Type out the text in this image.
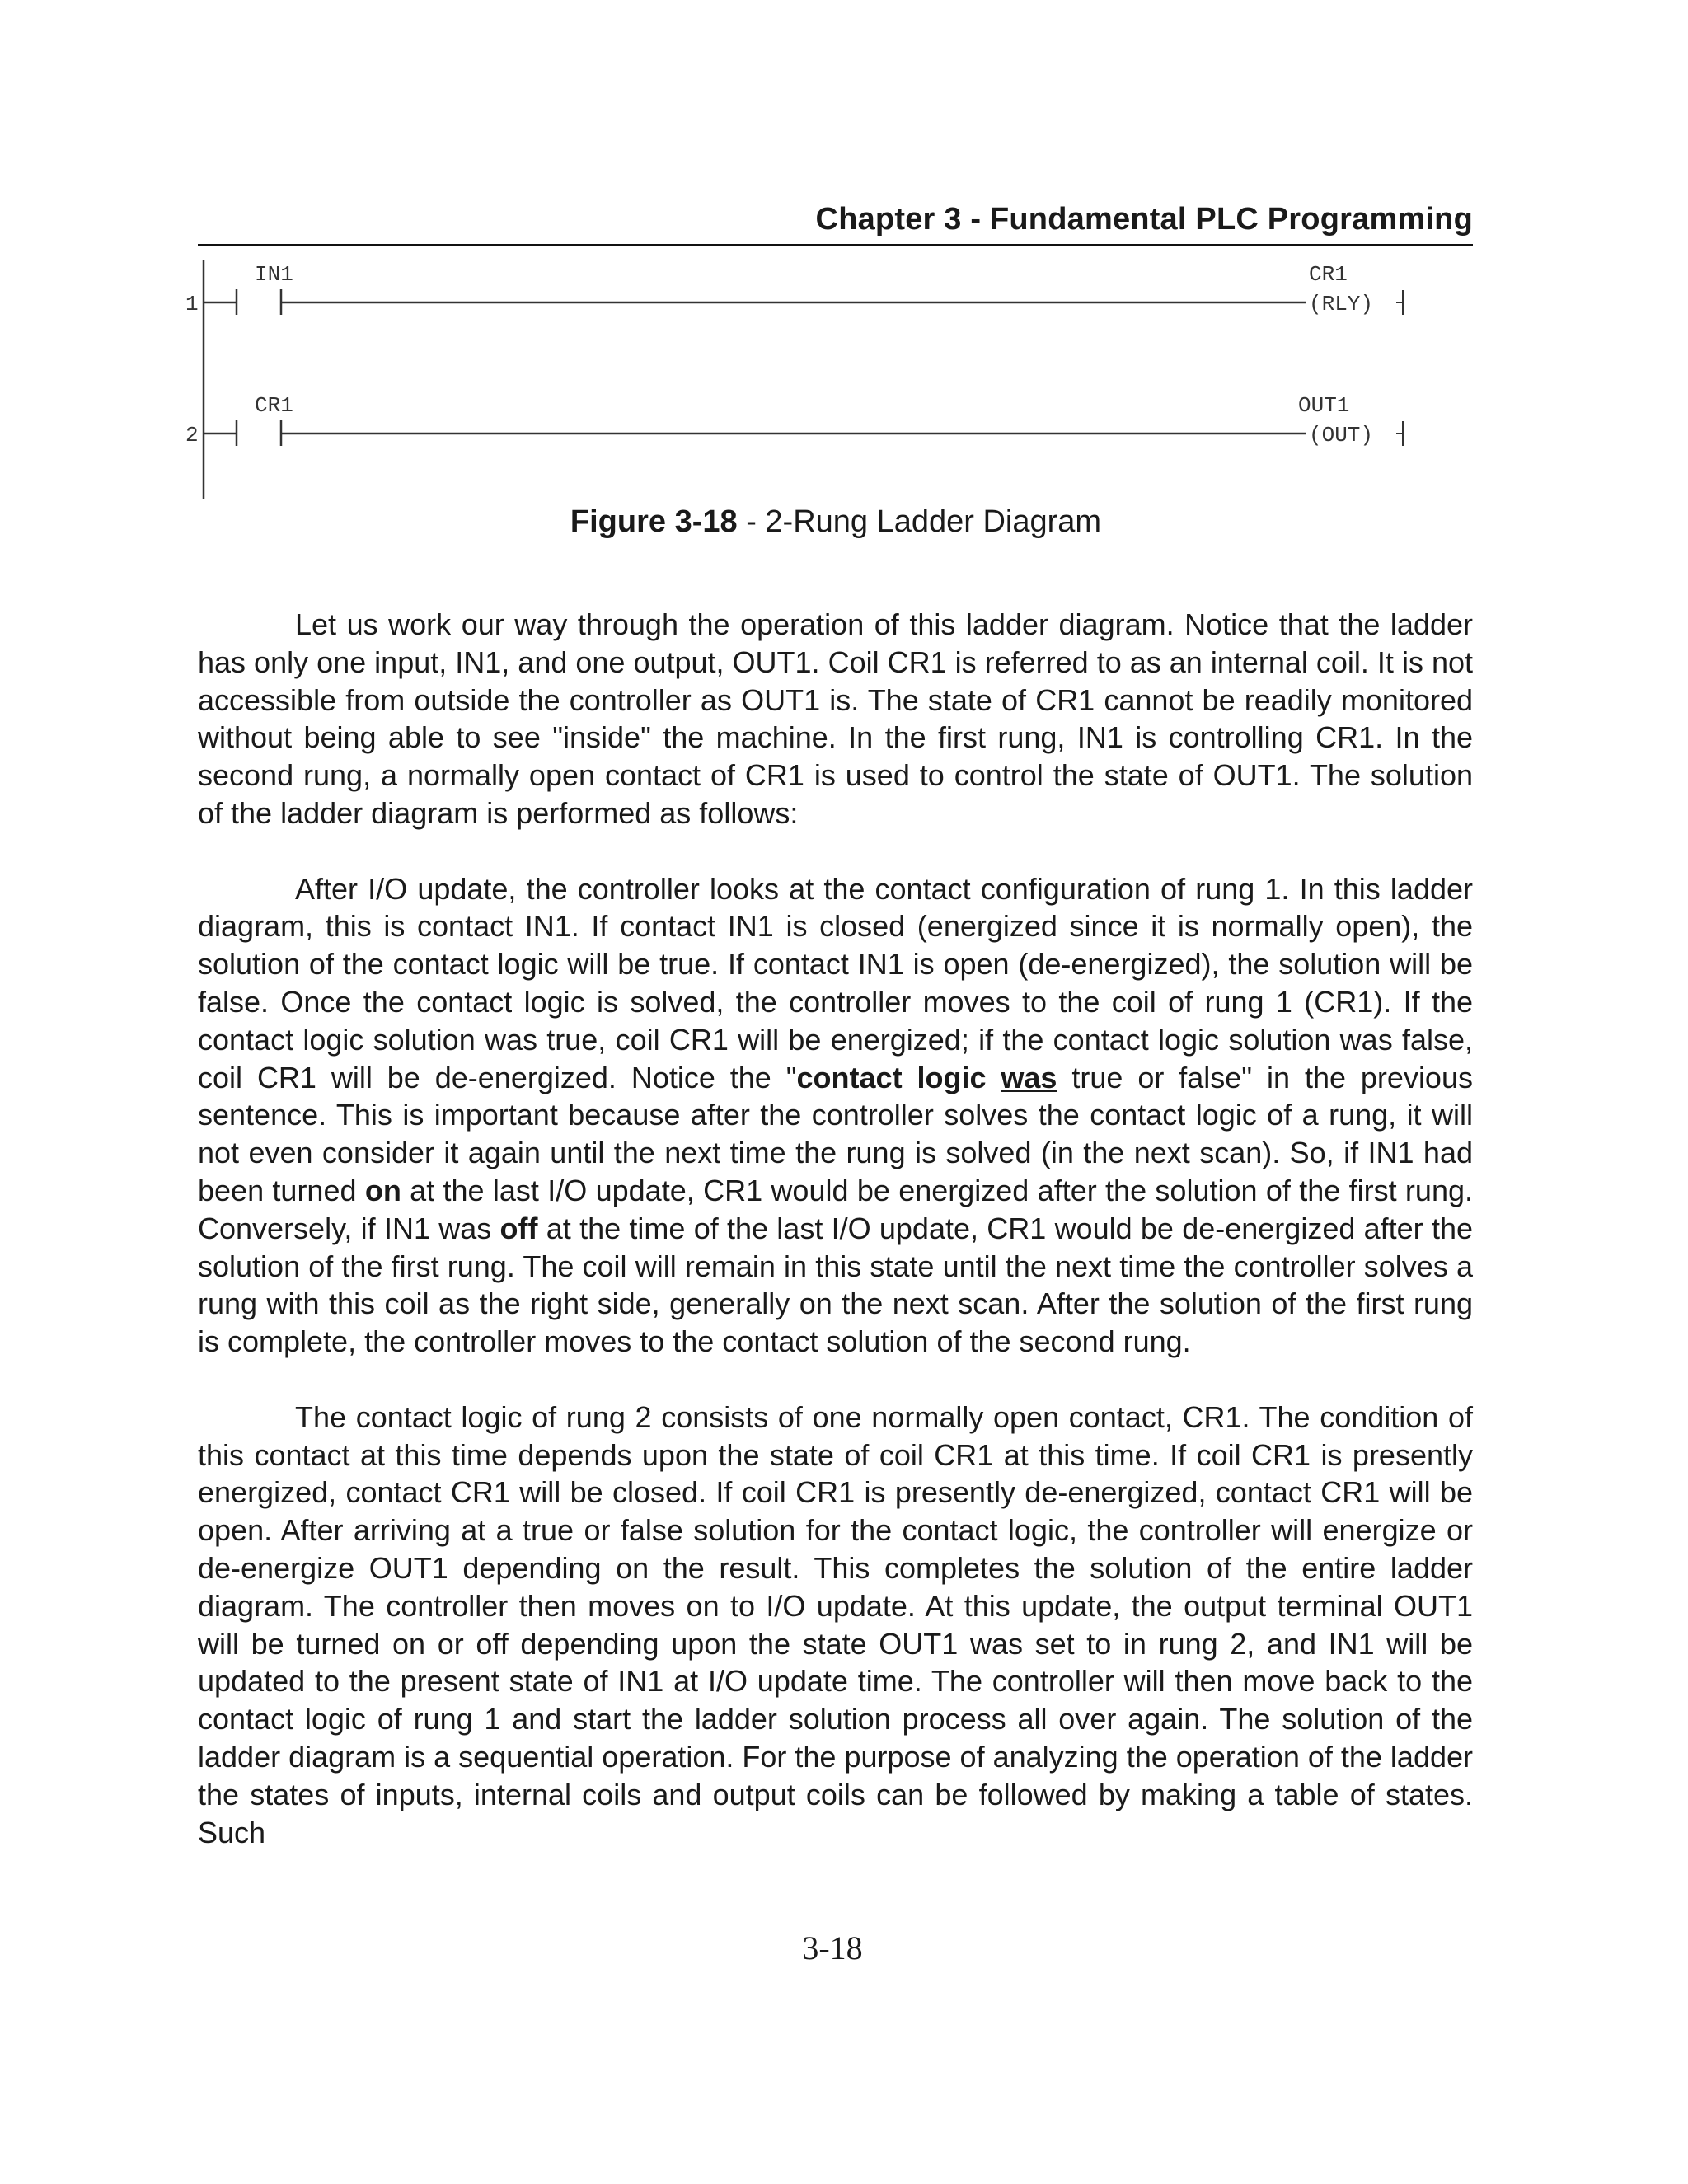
Chapter 3 - Fundamental PLC Programming
1
IN1	CR1
(RLY)
2
CR1	OUT1
(OUT)
Figure 3-18 - 2-Rung Ladder Diagram

Let us work our way through the operation of this ladder diagram. Notice that the ladder has only one input, IN1, and one output, OUT1. Coil CR1 is referred to as an internal coil. It is not accessible from outside the controller as OUT1 is. The state of CR1 cannot be readily monitored without being able to see "inside" the machine. In the first rung, IN1 is controlling CR1. In the second rung, a normally open contact of CR1 is used to control the state of OUT1. The solution of the ladder diagram is performed as follows:

After I/O update, the controller looks at the contact configuration of rung 1. In this ladder diagram, this is contact IN1. If contact IN1 is closed (energized since it is normally open), the solution of the contact logic will be true. If contact IN1 is open (de-energized), the solution will be false. Once the contact logic is solved, the controller moves to the coil of rung 1 (CR1). If the contact logic solution was true, coil CR1 will be energized; if the contact logic solution was false, coil CR1 will be de-energized. Notice the "contact logic was true or false" in the previous sentence. This is important because after the controller solves the contact logic of a rung, it will not even consider it again until the next time the rung is solved (in the next scan). So, if IN1 had been turned on at the last I/O update, CR1 would be energized after the solution of the first rung. Conversely, if IN1 was off at the time of the last I/O update, CR1 would be de-energized after the solution of the first rung. The coil will remain in this state until the next time the controller solves a rung with this coil as the right side, generally on the next scan. After the solution of the first rung is complete, the controller moves to the contact solution of the second rung.

The contact logic of rung 2 consists of one normally open contact, CR1. The condition of this contact at this time depends upon the state of coil CR1 at this time. If coil CR1 is presently energized, contact CR1 will be closed. If coil CR1 is presently de-energized, contact CR1 will be open. After arriving at a true or false solution for the contact logic, the controller will energize or de-energize OUT1 depending on the result. This completes the solution of the entire ladder diagram. The controller then moves on to I/O update. At this update, the output terminal OUT1 will be turned on or off depending upon the state OUT1 was set to in rung 2, and IN1 will be updated to the present state of IN1 at I/O update time. The controller will then move back to the contact logic of rung 1 and start the ladder solution process all over again. The solution of the ladder diagram is a sequential operation. For the purpose of analyzing the operation of the ladder the states of inputs, internal coils and output coils can be followed by making a table of states. Such

3-18
